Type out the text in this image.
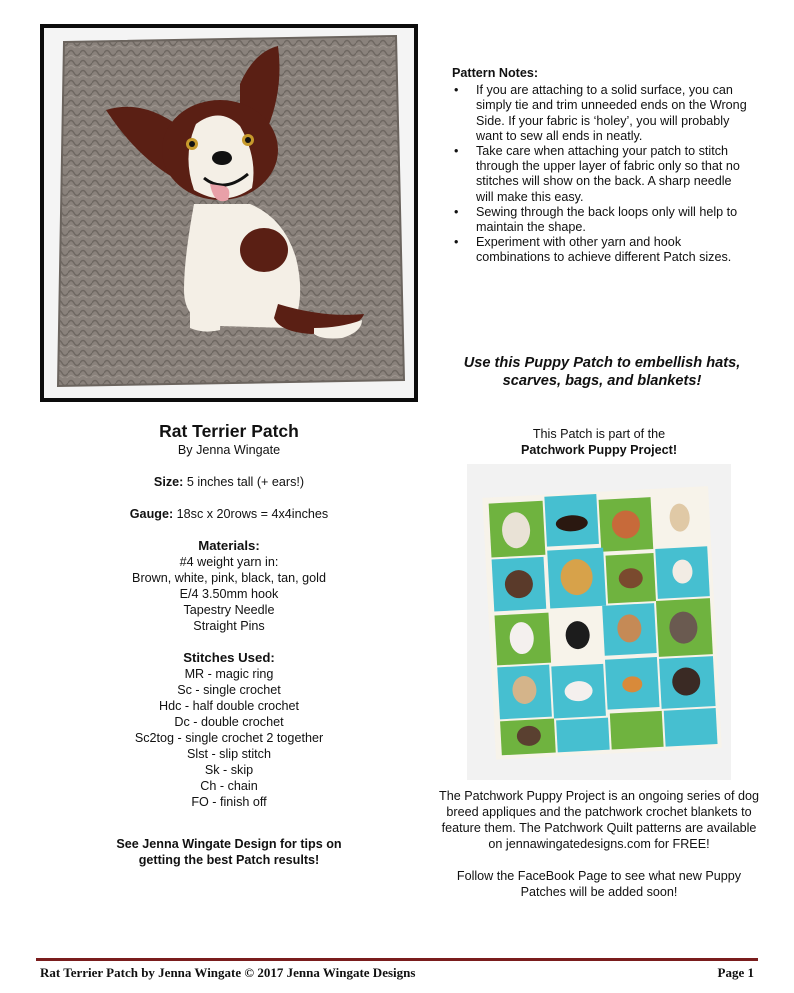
Pattern Notes:
• If you are attaching to a solid surface, you can simply tie and trim unneeded ends on the Wrong Side. If your fabric is ‘holey’, you will probably want to sew all ends in neatly.
• Take care when attaching your patch to stitch through the upper layer of fabric only so that no stitches will show on the back. A sharp needle will make this easy.
• Sewing through the back loops only will help to maintain the shape.
• Experiment with other yarn and hook combinations to achieve different Patch sizes.
Use this Puppy Patch to embellish hats, scarves, bags, and blankets!
Rat Terrier Patch
By Jenna Wingate
Size: 5 inches tall (+ ears!)
Gauge: 18sc x 20rows = 4x4inches
Materials:
#4 weight yarn in:
Brown, white, pink, black, tan, gold
E/4 3.50mm hook
Tapestry Needle
Straight Pins
Stitches Used:
MR - magic ring
Sc - single crochet
Hdc - half double crochet
Dc - double crochet
Sc2tog - single crochet 2 together
Slst - slip stitch
Sk - skip
Ch - chain
FO - finish off
See Jenna Wingate Design for tips on getting the best Patch results!
This Patch is part of the
Patchwork Puppy Project!
The Patchwork Puppy Project is an ongoing series of dog breed appliques and the patchwork crochet blankets to feature them. The Patchwork Quilt patterns are available on jennawingatedesigns.com for FREE!
Follow the FaceBook Page to see what new Puppy Patches will be added soon!
Rat Terrier Patch by Jenna Wingate © 2017 Jenna Wingate Designs	Page 1
